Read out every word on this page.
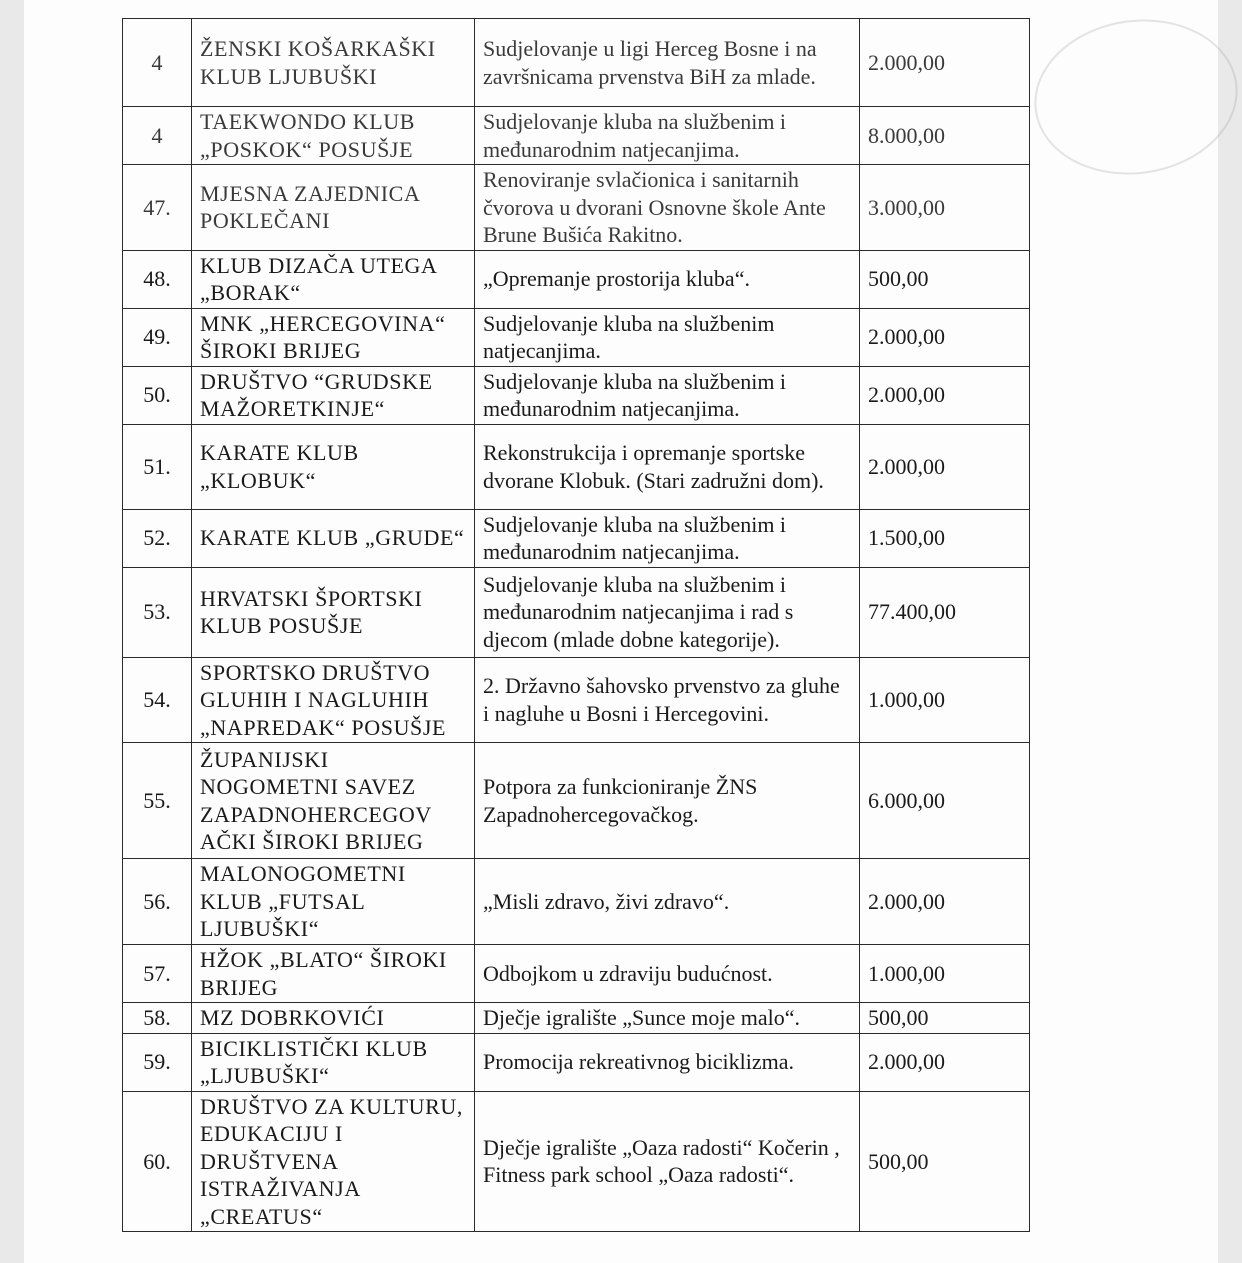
4	ŽENSKI KOŠARKAŠKI KLUB LJUBUŠKI	Sudjelovanje u ligi Herceg Bosne i na završnicama prvenstva BiH za mlade.	2.000,00
4	TAEKWONDO KLUB „POSKOK“ POSUŠJE	Sudjelovanje kluba na službenim i međunarodnim natjecanjima.	8.000,00
47.	MJESNA ZAJEDNICA POKLEČANI	Renoviranje svlačionica i sanitarnih čvorova u dvorani Osnovne škole Ante Brune Bušića Rakitno.	3.000,00
48.	KLUB DIZAČA UTEGA „BORAK“	„Opremanje prostorija kluba“.	500,00
49.	MNK „HERCEGOVINA“ ŠIROKI BRIJEG	Sudjelovanje kluba na službenim natjecanjima.	2.000,00
50.	DRUŠTVO “GRUDSKE MAŽORETKINJE“	Sudjelovanje kluba na službenim i međunarodnim natjecanjima.	2.000,00
51.	KARATE KLUB „KLOBUK“	Rekonstrukcija i opremanje sportske dvorane Klobuk. (Stari zadružni dom).	2.000,00
52.	KARATE KLUB „GRUDE“	Sudjelovanje kluba na službenim i međunarodnim natjecanjima.	1.500,00
53.	HRVATSKI ŠPORTSKI KLUB POSUŠJE	Sudjelovanje kluba na službenim i međunarodnim natjecanjima i rad s djecom (mlade dobne kategorije).	77.400,00
54.	SPORTSKO DRUŠTVO GLUHIH I NAGLUHIH „NAPREDAK“ POSUŠJE	2. Državno šahovsko prvenstvo za gluhe i nagluhe u Bosni i Hercegovini.	1.000,00
55.	ŽUPANIJSKI NOGOMETNI SAVEZ ZAPADNOHERCEGOV AČKI ŠIROKI BRIJEG	Potpora za funkcioniranje ŽNS Zapadnohercegovačkog.	6.000,00
56.	MALONOGOMETNI KLUB „FUTSAL LJUBUŠKI“	„Misli zdravo, živi zdravo“.	2.000,00
57.	HŽOK „BLATO“ ŠIROKI BRIJEG	Odbojkom u zdraviju budućnost.	1.000,00
58.	MZ DOBRKOVIĆI	Dječje igralište „Sunce moje malo“.	500,00
59.	BICIKLISTIČKI KLUB „LJUBUŠKI“	Promocija rekreativnog biciklizma.	2.000,00
60.	DRUŠTVO ZA KULTURU, EDUKACIJU I DRUŠTVENA ISTRAŽIVANJA „CREATUS“	Dječje igralište „Oaza radosti“ Kočerin , Fitness park school „Oaza radosti“.	500,00
